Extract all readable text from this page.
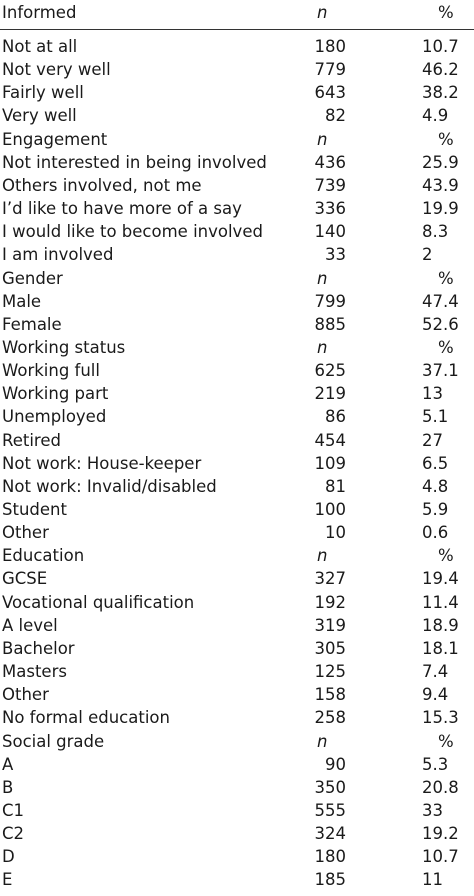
Informed	n	%
Not at all	180	10.7
Not very well	779	46.2
Fairly well	643	38.2
Very well	82	4.9
Engagement	n	%
Not interested in being involved	436	25.9
Others involved, not me	739	43.9
I’d like to have more of a say	336	19.9
I would like to become involved	140	8.3
I am involved	33	2
Gender	n	%
Male	799	47.4
Female	885	52.6
Working status	n	%
Working full	625	37.1
Working part	219	13
Unemployed	86	5.1
Retired	454	27
Not work: House-keeper	109	6.5
Not work: Invalid/disabled	81	4.8
Student	100	5.9
Other	10	0.6
Education	n	%
GCSE	327	19.4
Vocational qualification	192	11.4
A level	319	18.9
Bachelor	305	18.1
Masters	125	7.4
Other	158	9.4
No formal education	258	15.3
Social grade	n	%
A	90	5.3
B	350	20.8
C1	555	33
C2	324	19.2
D	180	10.7
E	185	11
